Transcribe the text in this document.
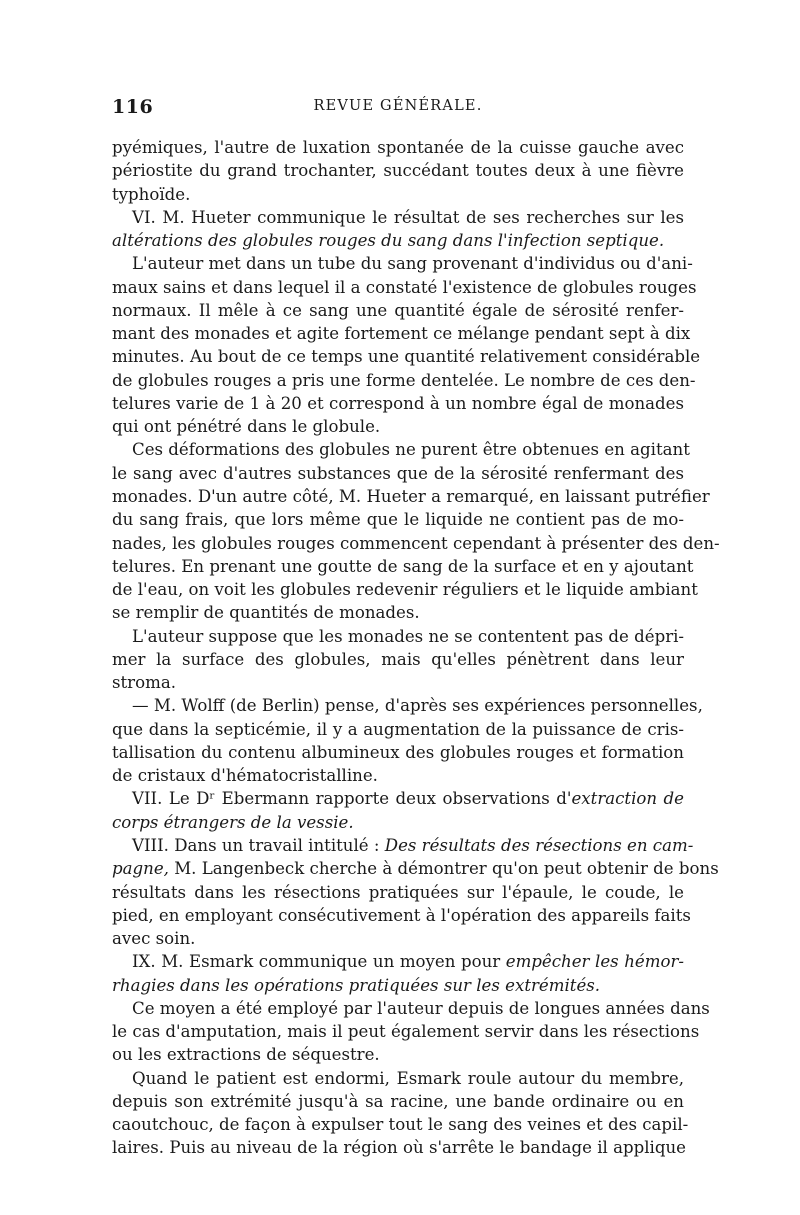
116	REVUE GÉNÉRALE.
pyémiques, l'autre de luxation spontanée de la cuisse gauche avec
périostite du grand trochanter, succédant toutes deux à une fièvre
typhoïde.
VI. M. Hueter communique le résultat de ses recherches sur les
altérations des globules rouges du sang dans l'infection septique.
L'auteur met dans un tube du sang provenant d'individus ou d'ani-
maux sains et dans lequel il a constaté l'existence de globules rouges
normaux. Il mêle à ce sang une quantité égale de sérosité renfer-
mant des monades et agite fortement ce mélange pendant sept à dix
minutes. Au bout de ce temps une quantité relativement considérable
de globules rouges a pris une forme dentelée. Le nombre de ces den-
telures varie de 1 à 20 et correspond à un nombre égal de monades
qui ont pénétré dans le globule.
Ces déformations des globules ne purent être obtenues en agitant
le sang avec d'autres substances que de la sérosité renfermant des
monades. D'un autre côté, M. Hueter a remarqué, en laissant putréfier
du sang frais, que lors même que le liquide ne contient pas de mo-
nades, les globules rouges commencent cependant à présenter des den-
telures. En prenant une goutte de sang de la surface et en y ajoutant
de l'eau, on voit les globules redevenir réguliers et le liquide ambiant
se remplir de quantités de monades.
L'auteur suppose que les monades ne se contentent pas de dépri-
mer la surface des globules, mais qu'elles pénètrent dans leur
stroma.
— M. Wolff (de Berlin) pense, d'après ses expériences personnelles,
que dans la septicémie, il y a augmentation de la puissance de cris-
tallisation du contenu albumineux des globules rouges et formation
de cristaux d'hématocristalline.
VII. Le Dʳ Ebermann rapporte deux observations d'extraction de
corps étrangers de la vessie.
VIII. Dans un travail intitulé : Des résultats des résections en cam-
pagne, M. Langenbeck cherche à démontrer qu'on peut obtenir de bons
résultats dans les résections pratiquées sur l'épaule, le coude, le
pied, en employant consécutivement à l'opération des appareils faits
avec soin.
IX. M. Esmark communique un moyen pour empêcher les hémor-
rhagies dans les opérations pratiquées sur les extrémités.
Ce moyen a été employé par l'auteur depuis de longues années dans
le cas d'amputation, mais il peut également servir dans les résections
ou les extractions de séquestre.
Quand le patient est endormi, Esmark roule autour du membre,
depuis son extrémité jusqu'à sa racine, une bande ordinaire ou en
caoutchouc, de façon à expulser tout le sang des veines et des capil-
laires. Puis au niveau de la région où s'arrête le bandage il applique
